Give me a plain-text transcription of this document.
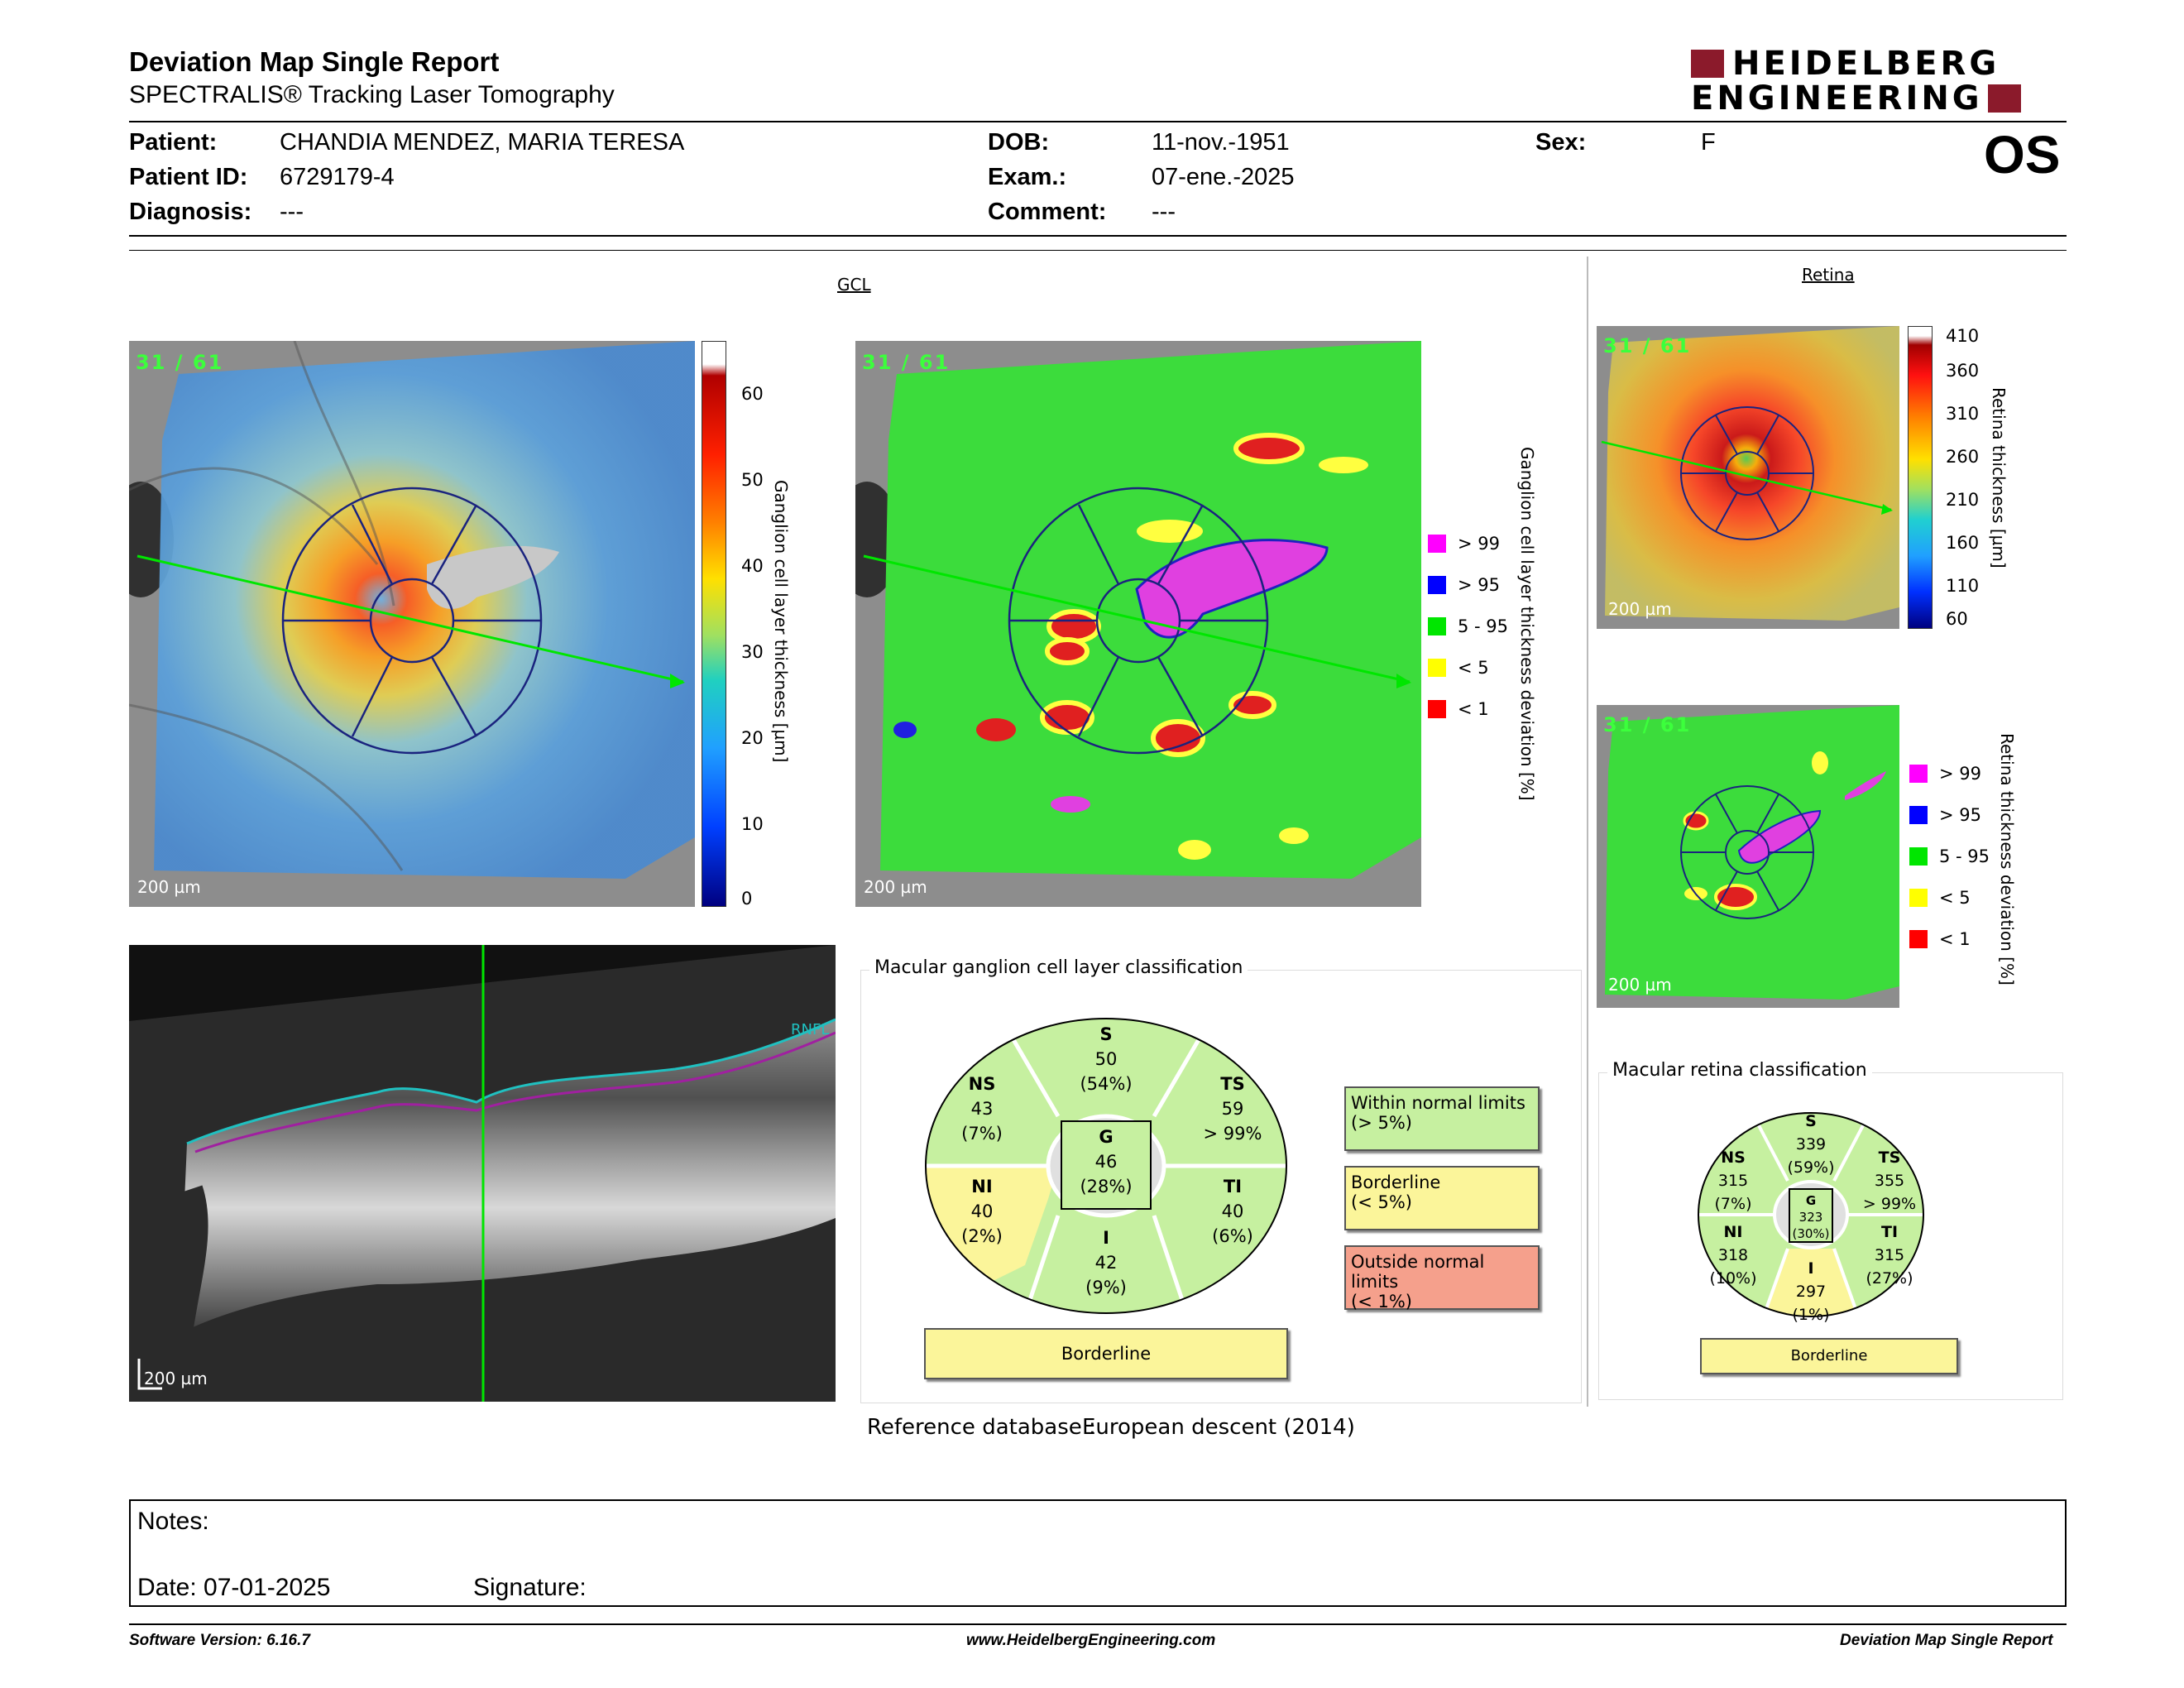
Deviation Map Single Report
SPECTRALIS® Tracking Laser Tomography
HEIDELBERG
ENGINEERING
Patient:	CHANDIA MENDEZ, MARIA TERESA
Patient ID: 6729179-4
Diagnosis: ---
DOB:	11-nov.-1951
Exam.:	07-ene.-2025
Comment: ---
Sex:	F	OS
GCL	Retina
31 / 61
200 µm
60
50
40
30
20
10
0
Ganglion cell layer thickness [µm]
31 / 61
200 µm
> 99
> 95
5 - 95
< 5
< 1 Ganglion cell layer thickness deviation [%]
31 / 61
200 µm
410
360
310
260
210
160
110
60
Retina thickness [µm]
31 / 61
200 µm
> 99
> 95
5 - 95
< 5
< 1 Retina thickness deviation [%]
RNFL
200 µm
Macular ganglion cell layer classification
S
50
(54%)
NS
43
(7%)
TS
59
> 99%
G
46
(28%)
NI
40
(2%)
TI
40
(6%)
I
42
(9%)
Borderline
Within normal limits
(> 5%)
Borderline
(< 5%)
Outside normal limits
(< 1%)
Reference database :
European descent (2014)
Macular retina classification
S
339
(59%)
NS
315
(7%)
TS
355
> 99%
G
323
(30%)
NI
318
(10%)
TI
315
(27%)
I
297
(1%)
Borderline
Notes:
Date: 07-01-2025	Signature:
Software Version: 6.16.7	www.HeidelbergEngineering.com	Deviation Map Single Report
